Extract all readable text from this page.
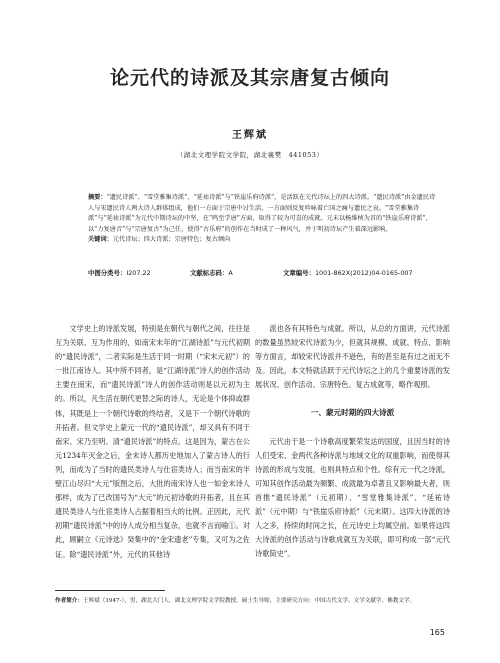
论元代的诗派及其宗唐复古倾向
王辉斌
（湖北文理学院文学院，湖北襄樊　441053）
摘要：“遗民诗派”、“雪堂雅集诗派”、“延祐诗派”与“铁崖乐府诗派”，是活跃在元代诗坛上的四大诗派。“遗民诗派”由金遗民诗人与宋遗民诗人两大诗人群体组成，他们一方面于宗唐中讨生活，一方面则反复吟咏着亡国之痛与遗民之哀。“雪堂雅集诗派”与“延祐诗派”为元代中期诗坛的中坚，在“鸣至学唐”方面，取得了较为可喜的成就。元末以杨维桢为首的“铁崖乐府诗派”，以“力复唐音”与“宗唐复古”为己任，使得“古乐府”的创作在当时成了一种风气，并于明初诗坛产生着深远影响。
关键词：元代诗坛；四大诗派；宗唐特色；复古倾向
中图分类号：I207.22	文献标志码：A	文章编号：1001-862X(2012)04-0165-007

文学史上的诗派发展，特别是在朝代与朝代之间，往往是互为关联、互为作用的，如南宋末年的“江湖诗派”与元代初期的“遗民诗派”，二者实际是生活于同一时期（“宋末元初”）的一批江南诗人。其中所不同者，是“江湖诗派”诗人的创作活动主要在南宋，而“遗民诗派”诗人的创作活动则是以元初为主的。所以，凡生活在朝代更替之际的诗人，无论是个体抑或群体，其既是上一个朝代诗歌的终结者，又是下一个朝代诗歌的开拓者。但文学史上蒙元一代的“遗民诗派”，却又具有不同于南宋、宋乃至明、清“遗民诗派”的特点。这是因为，蒙古在公元1234年灭金之后，金末诗人都历史地加入了蒙古诗人的行列，而成为了当时的遗民类诗人与仕宦类诗人；而当南宋的半壁江山尽归“大元”版图之后，大批的南宋诗人也一如金末诗人那样，成为了已改国号为“大元”的元初诗歌的开拓者，且在其遗民类诗人与仕宦类诗人占据着相当大的比例。正因此，元代初期“遗民诗派”中的诗人成分相当复杂，也就不言而喻①。对此，顾嗣立《元诗选》癸集中的“金宋遗老”专集，又可为之佐证。除“遗民诗派”外，元代的其他诗

派也各有其特色与成就。所以，从总的方面讲，元代诗派的数量虽然较宋代诗派为少，但就其规模、成就、特点、影响等方面言，却较宋代诗派并不逊色，有的甚至是有过之而无不及。因此，本文特就活跃于元代诗坛之上的几个重要诗派的发展状况、创作活动、宗唐特色、复古成就等，略作观照。

一、蒙元时期的四大诗派

元代由于是一个诗歌高度繁荣发达的国度，且因当时的诗人们受宋、金两代各种诗派与地域文化的双重影响，而使得其诗派的形成与发展，也则具特点和个性。综有元一代之诗派，可知其创作活动最为频繁、成就最为卓著且又影响最大者，则首推“遗民诗派”（元初期）、“雪堂雅集诗派”、“延祐诗派”（元中期）与“铁崖乐府诗派”（元末期）。这四大诗派的诗人之多，持续的时间之长，在元诗史上均属空前。如果将这四大诗派的创作活动与诗歌成就互为关联，即可构成一部“元代诗歌简史”。

作者简介：王辉斌（1947-），男，湖北大门人，湖北文理学院文学院教授，硕士生导师，主要研究方向：中国古代文学、文学文献学、佛教文学。
165
